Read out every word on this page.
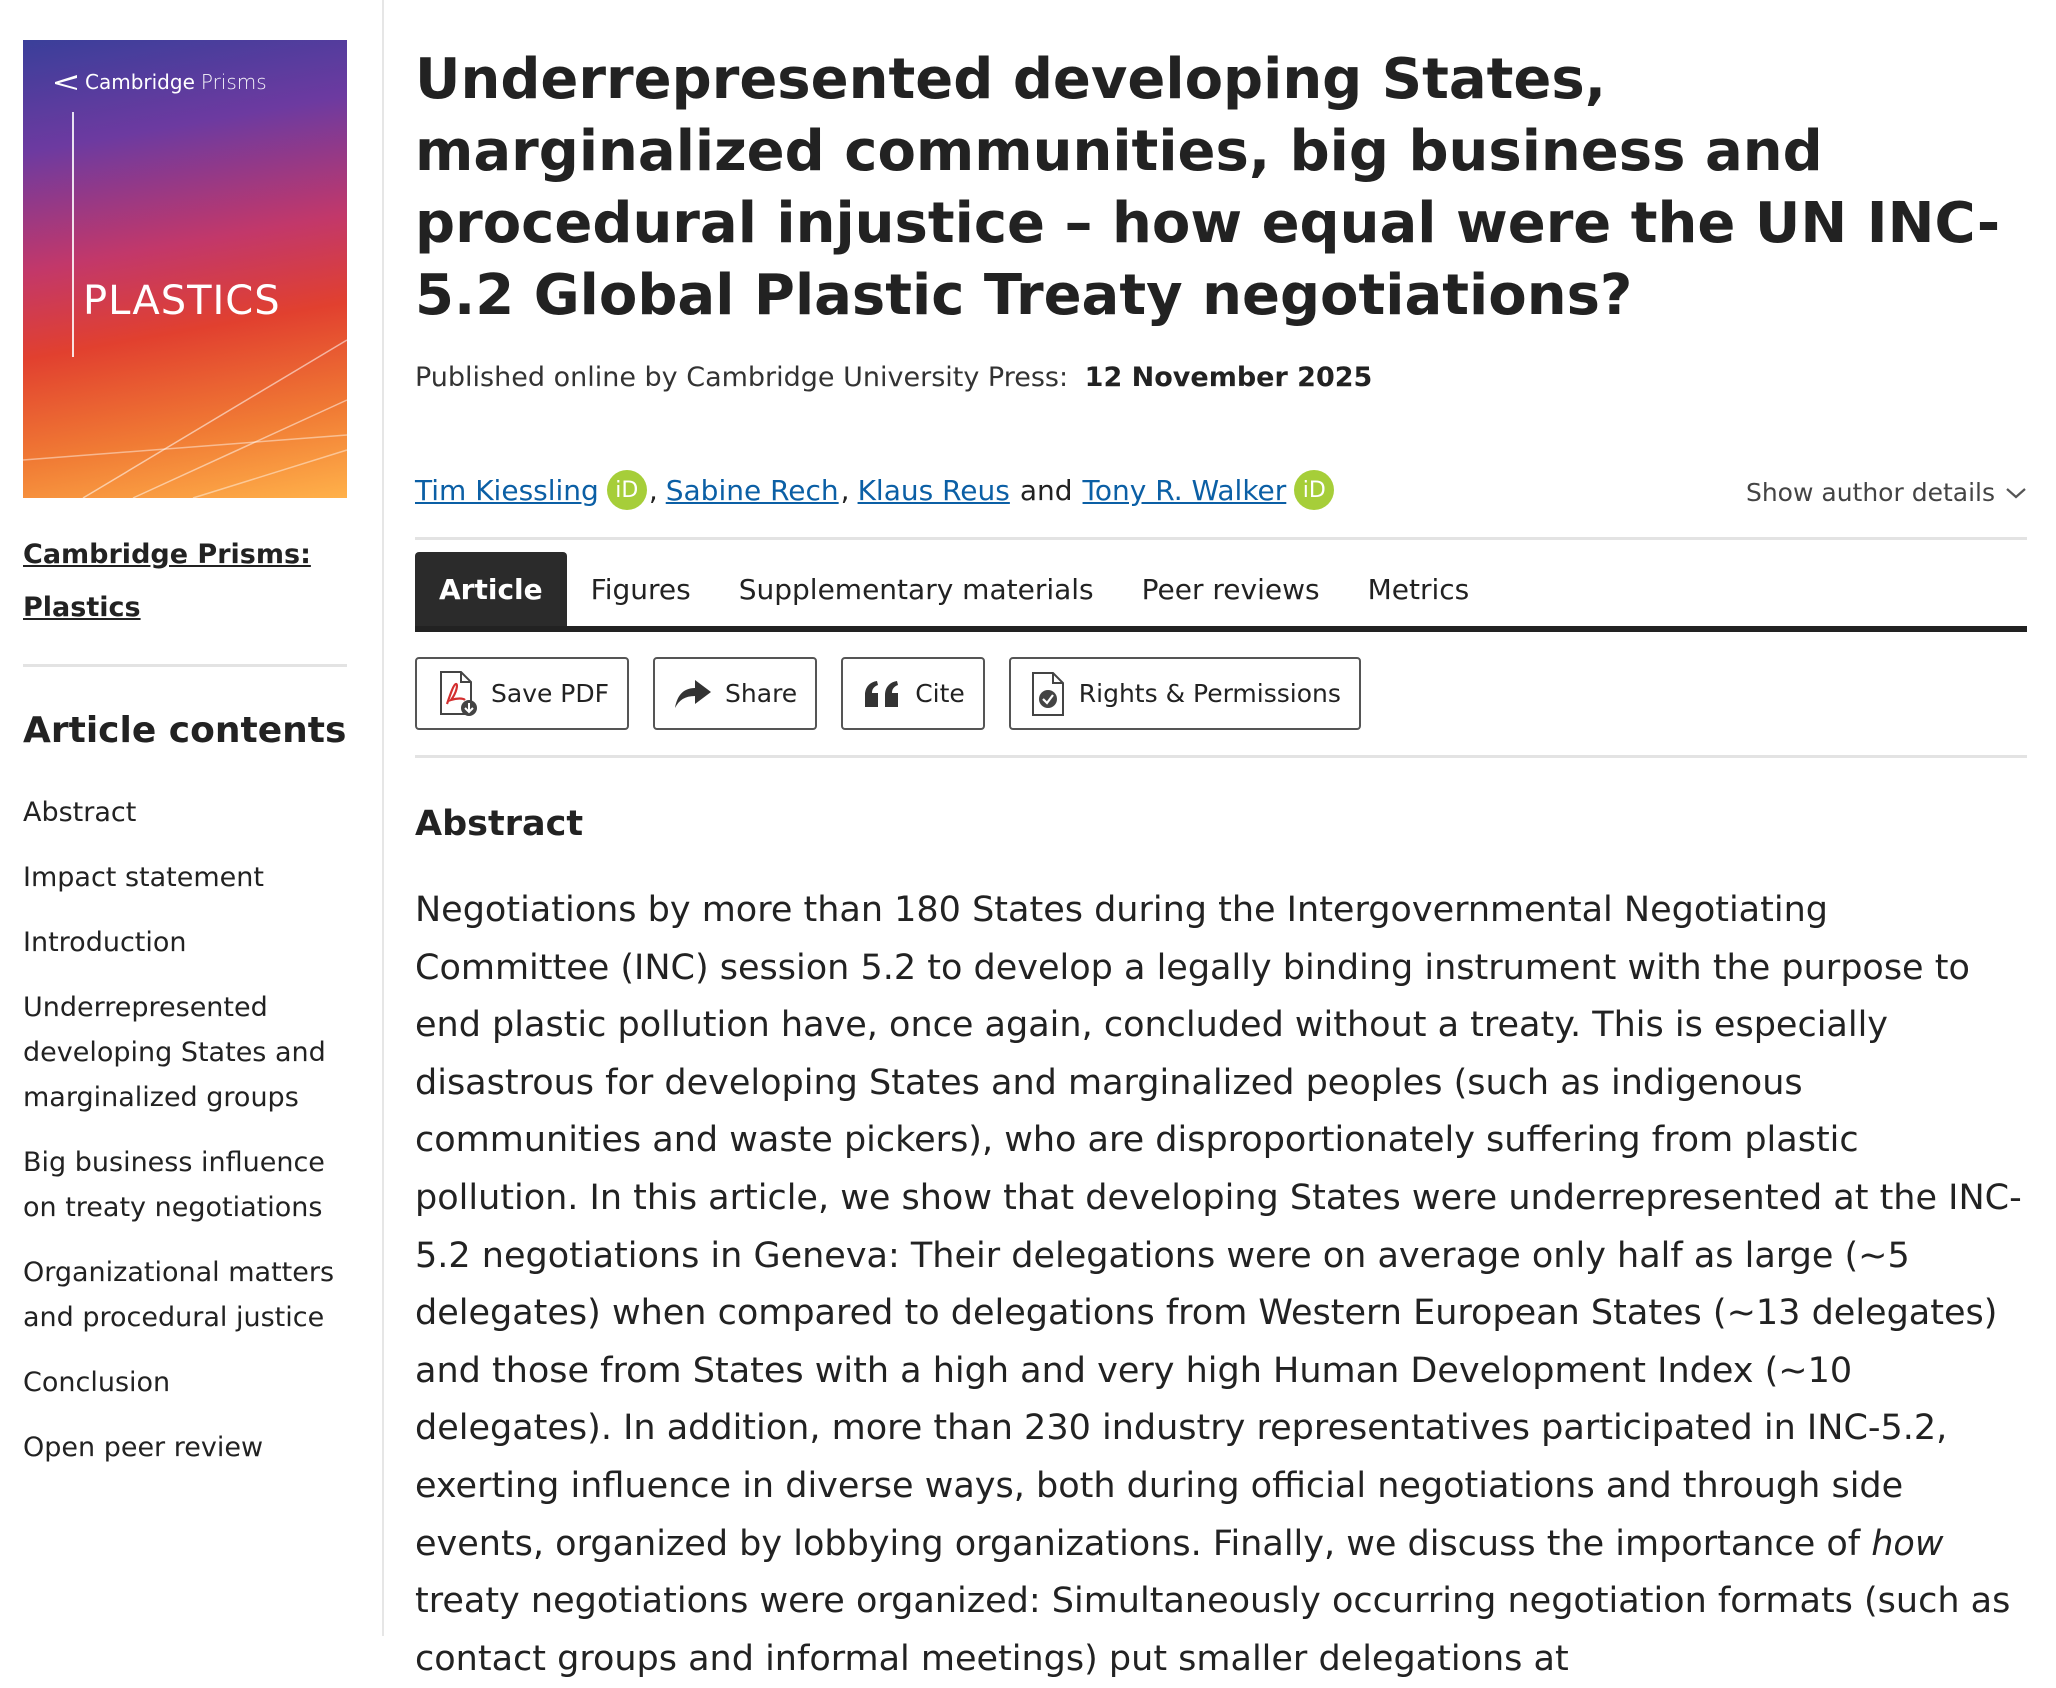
Cambridge Prisms
PLASTICS
Cambridge Prisms: Plastics
Article contents
Abstract
Impact statement
Introduction
Underrepresented developing States and marginalized groups
Big business influence on treaty negotiations
Organizational matters and procedural justice
Conclusion
Open peer review
Underrepresented developing States, marginalized communities, big business and procedural injustice – how equal were the UN INC-5.2 Global Plastic Treaty negotiations?
Published online by Cambridge University Press: 12 November 2025
Tim Kiessling iD , Sabine Rech , Klaus Reus and Tony R. Walker iD	Show author details
Article	Figures	Supplementary materials	Peer reviews	Metrics
Save PDF	Share	Cite	Rights & Permissions
Abstract

Negotiations by more than 180 States during the Intergovernmental Negotiating Committee (INC) session 5.2 to develop a legally binding instrument with the purpose to end plastic pollution have, once again, concluded without a treaty. This is especially disastrous for developing States and marginalized peoples (such as indigenous communities and waste pickers), who are disproportionately suffering from plastic pollution. In this article, we show that developing States were underrepresented at the INC-5.2 negotiations in Geneva: Their delegations were on average only half as large (~5 delegates) when compared to delegations from Western European States (~13 delegates) and those from States with a high and very high Human Development Index (~10 delegates). In addition, more than 230 industry representatives participated in INC-5.2, exerting influence in diverse ways, both during official negotiations and through side events, organized by lobbying organizations. Finally, we discuss the importance of how treaty negotiations were organized: Simultaneously occurring negotiation formats (such as contact groups and informal meetings) put smaller delegations at
